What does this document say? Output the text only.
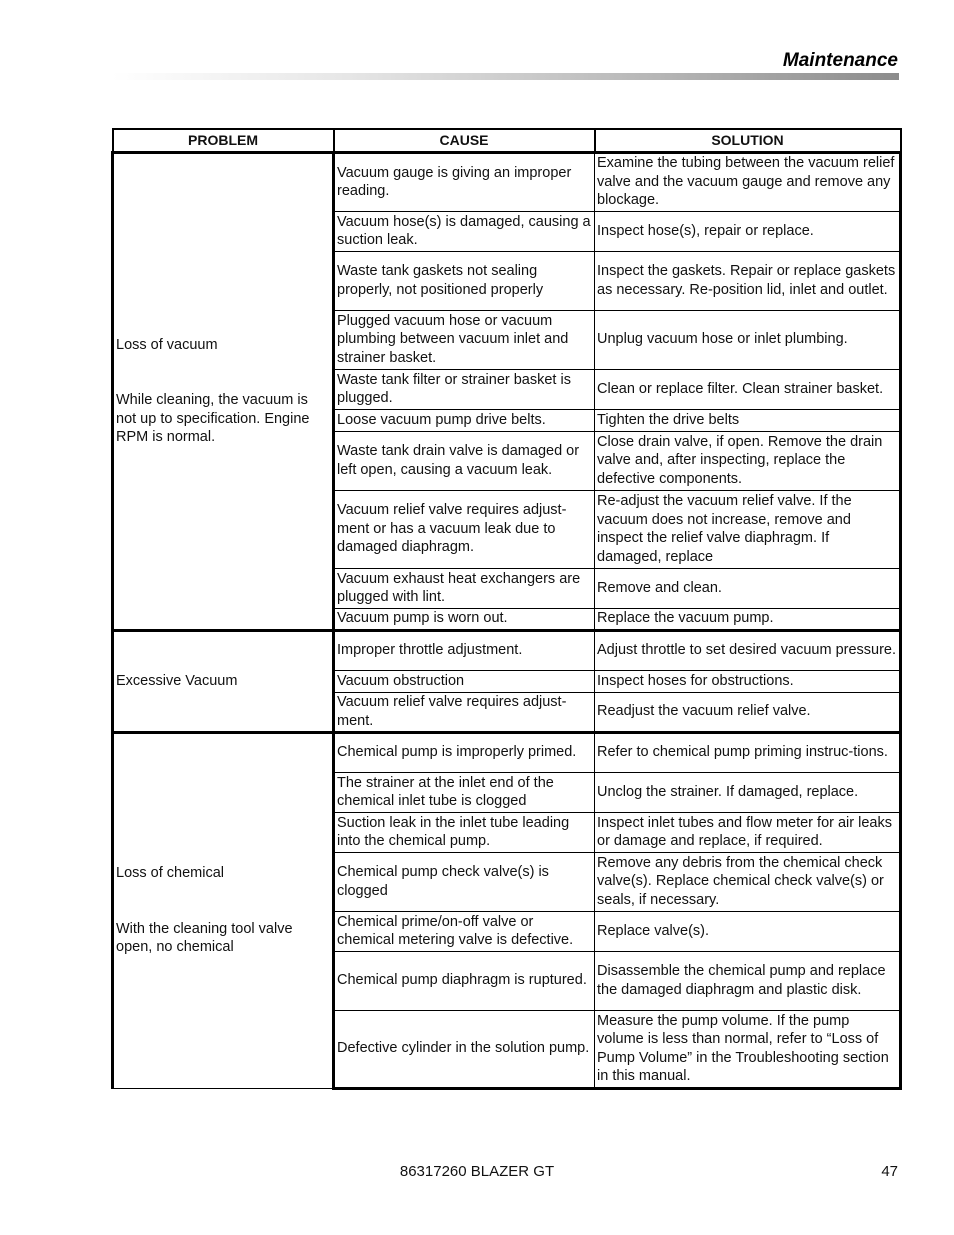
Maintenance
PROBLEM	CAUSE	SOLUTION

Loss of vacuum
While cleaning, the vacuum is not up to specification. Engine RPM is normal.	Vacuum gauge is giving an improper reading.	Examine the tubing between the vacuum relief valve and the vacuum gauge and remove any blockage.
	Vacuum hose(s) is damaged, causing a suction leak.	Inspect hose(s), repair or replace.
	Waste tank gaskets not sealing properly, not positioned properly	Inspect the gaskets. Repair or replace gaskets as necessary. Re-position lid, inlet and outlet.
	Plugged vacuum hose or vacuum plumbing between vacuum inlet and strainer basket.	Unplug vacuum hose or inlet plumbing.
	Waste tank filter or strainer basket is plugged.	Clean or replace filter. Clean strainer basket.
	Loose vacuum pump drive belts.	Tighten the drive belts
	Waste tank drain valve is damaged or left open, causing a vacuum leak.	Close drain valve, if open. Remove the drain valve and, after inspecting, replace the defective components.
	Vacuum relief valve requires adjust-ment or has a vacuum leak due to damaged diaphragm.	Re-adjust the vacuum relief valve. If the vacuum does not increase, remove and inspect the relief valve diaphragm. If damaged, replace
	Vacuum exhaust heat exchangers are plugged with lint.	Remove and clean.
	Vacuum pump is worn out.	Replace the vacuum pump.

Excessive Vacuum	Improper throttle adjustment.	Adjust throttle to set desired vacuum pressure.
	Vacuum obstruction	Inspect hoses for obstructions.
	Vacuum relief valve requires adjust-ment.	Readjust the vacuum relief valve.

Loss of chemical
With the cleaning tool valve open, no chemical	Chemical pump is improperly primed.	Refer to chemical pump priming instruc-tions.
	The strainer at the inlet end of the chemical inlet tube is clogged	Unclog the strainer. If damaged, replace.
	Suction leak in the inlet tube leading into the chemical pump.	Inspect inlet tubes and flow meter for air leaks or damage and replace, if required.
	Chemical pump check valve(s) is clogged	Remove any debris from the chemical check valve(s). Replace chemical check valve(s) or seals, if necessary.
	Chemical prime/on-off valve or chemical metering valve is defective.	Replace valve(s).
	Chemical pump diaphragm is ruptured.	Disassemble the chemical pump and replace the damaged diaphragm and plastic disk.
	Defective cylinder in the solution pump.	Measure the pump volume. If the pump volume is less than normal, refer to “Loss of Pump Volume” in the Troubleshooting section in this manual.
86317260 BLAZER GT	47
